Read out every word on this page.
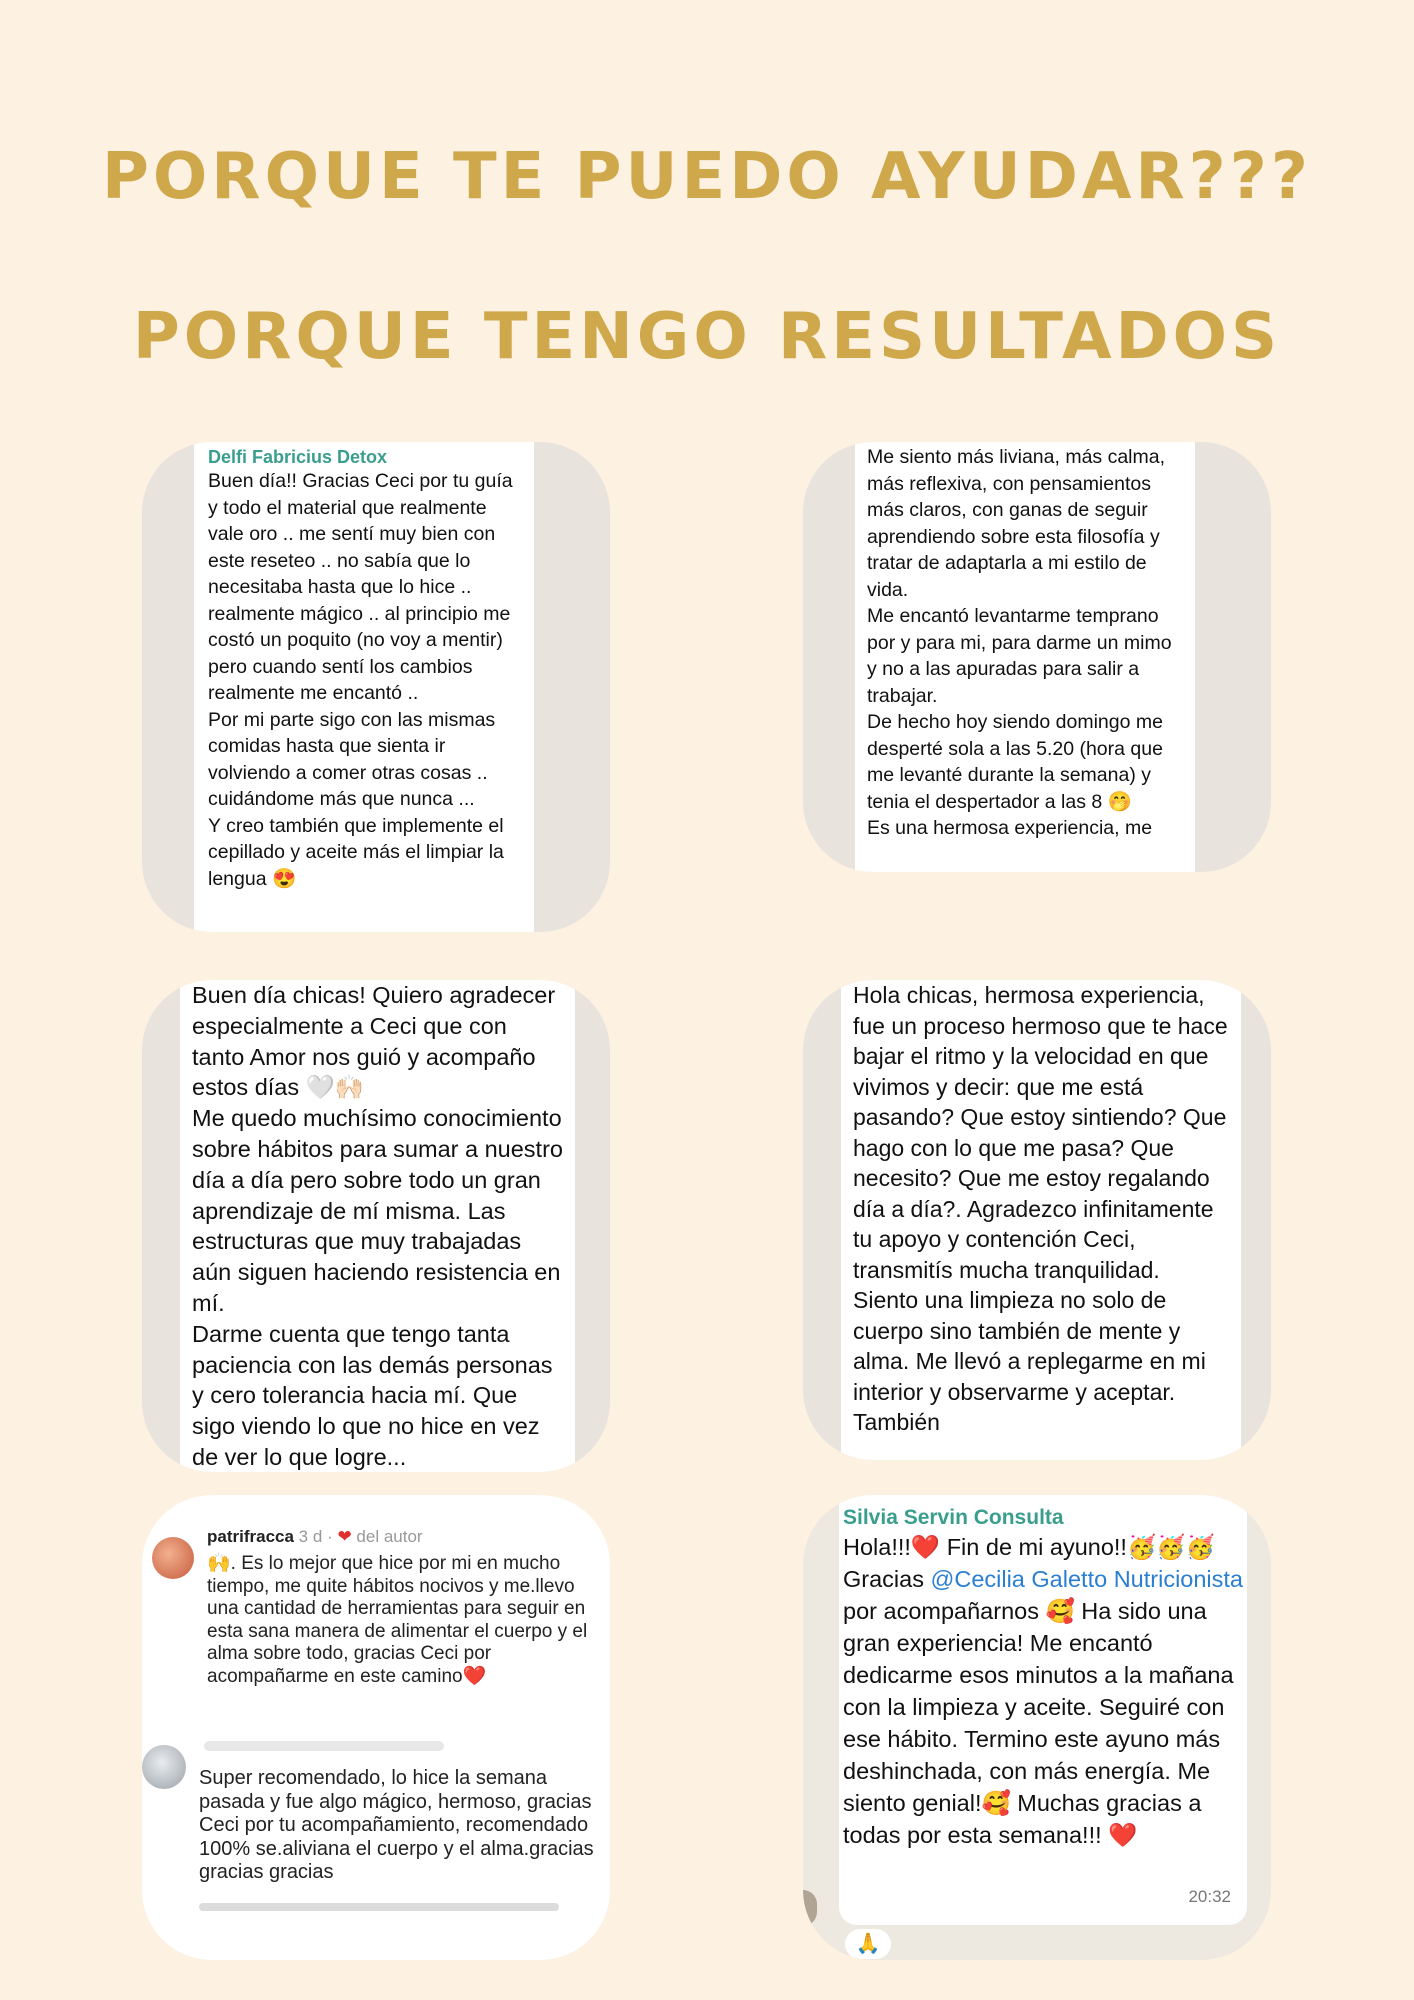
PORQUE TE PUEDO AYUDAR???
PORQUE TENGO RESULTADOS

Delfi Fabricius Detox

Buen día!! Gracias Ceci por tu guía y todo el material que realmente vale oro .. me sentí muy bien con este reseteo .. no sabía que lo necesitaba hasta que lo hice .. realmente mágico .. al principio me costó un poquito (no voy a mentir) pero cuando sentí los cambios realmente me encantó ..
Por mi parte sigo con las mismas comidas hasta que sienta ir volviendo a comer otras cosas .. cuidándome más que nunca ...
Y creo también que implemente el cepillado y aceite más el limpiar la lengua 😍

Me siento más liviana, más calma, más reflexiva, con pensamientos más claros, con ganas de seguir aprendiendo sobre esta filosofía y tratar de adaptarla a mi estilo de vida.
Me encantó levantarme temprano por y para mi, para darme un mimo y no a las apuradas para salir a trabajar.
De hecho hoy siendo domingo me desperté sola a las 5.20 (hora que me levanté durante la semana) y tenia el despertador a las 8 🤭
Es una hermosa experiencia, me

Buen día chicas! Quiero agradecer especialmente a Ceci que con tanto Amor nos guió y acompaño estos días 🤍🙌🏻
Me quedo muchísimo conocimiento sobre hábitos para sumar a nuestro día a día pero sobre todo un gran aprendizaje de mí misma. Las estructuras que muy trabajadas aún siguen haciendo resistencia en mí.
Darme cuenta que tengo tanta paciencia con las demás personas y cero tolerancia hacia mí. Que sigo viendo lo que no hice en vez de ver lo que logre...

Hola chicas, hermosa experiencia, fue un proceso hermoso que te hace bajar el ritmo y la velocidad en que vivimos y decir: que me está pasando? Que estoy sintiendo? Que hago con lo que me pasa? Que necesito? Que me estoy regalando día a día?. Agradezco infinitamente tu apoyo y contención Ceci, transmitís mucha tranquilidad. Siento una limpieza no solo de cuerpo sino también de mente y alma. Me llevó a replegarme en mi interior y observarme y aceptar. También

patrifracca 3 d · ❤ del autor
🙌. Es lo mejor que hice por mi en mucho tiempo, me quite hábitos nocivos y me.llevo una cantidad de herramientas para seguir en esta sana manera de alimentar el cuerpo y el alma sobre todo, gracias Ceci por acompañarme en este camino❤️
Super recomendado, lo hice la semana pasada y fue algo mágico, hermoso, gracias Ceci por tu acompañamiento, recomendado 100% se.aliviana el cuerpo y el alma.gracias gracias gracias
Silvia Servin Consulta
Hola!!!❤️ Fin de mi ayuno!!🥳🥳🥳 Gracias @Cecilia Galetto Nutricionista por acompañarnos 🥰 Ha sido una gran experiencia! Me encantó dedicarme esos minutos a la mañana con la limpieza y aceite. Seguiré con ese hábito. Termino este ayuno más deshinchada, con más energía. Me siento genial!🥰 Muchas gracias a todas por esta semana!!! ❤️
20:32
🙏
